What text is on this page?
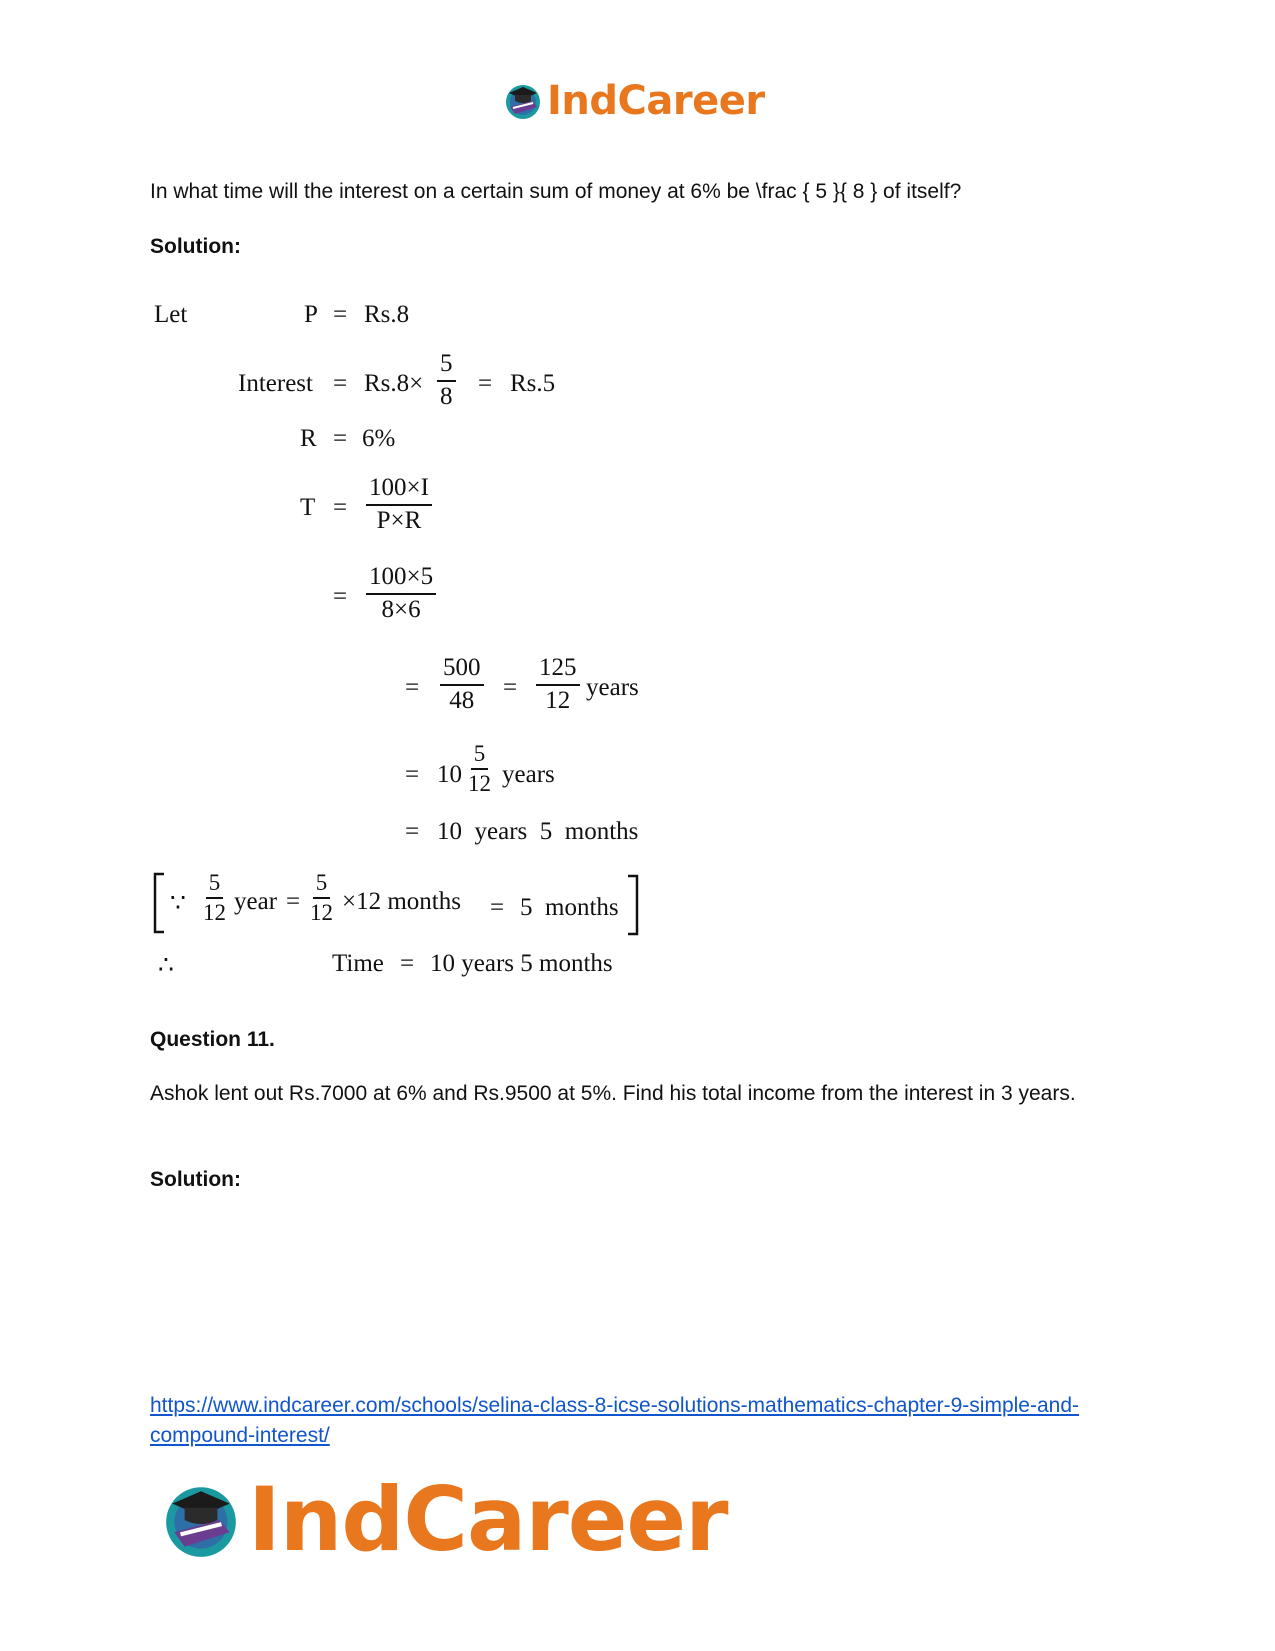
IndCareer
In what time will the interest on a certain sum of money at 6% be \frac { 5 }{ 8 } of itself?
Solution:
Let	P = Rs.8
Interest = $Rs.8\times \frac{5}{8} = Rs.5$
R = 6%
$T = \frac{100\times I}{P\times R}$
= $\frac{100\times 5}{8\times 6}$
= $\frac{500}{48} = \frac{125}{12}$ years
= $10 \frac{5}{12}$ years
= 10  years  5  months
∵ $\frac{5}{12}$ year = $\frac{5}{12} \times 12$ months = 5  months
∴	Time = 10 years 5 months
Question 11.
Ashok lent out Rs.7000 at 6% and Rs.9500 at 5%. Find his total income from the interest in 3 years.
Solution:
https://www.indcareer.com/schools/selina-class-8-icse-solutions-mathematics-chapter-9-simple-and-compound-interest/
IndCareer
